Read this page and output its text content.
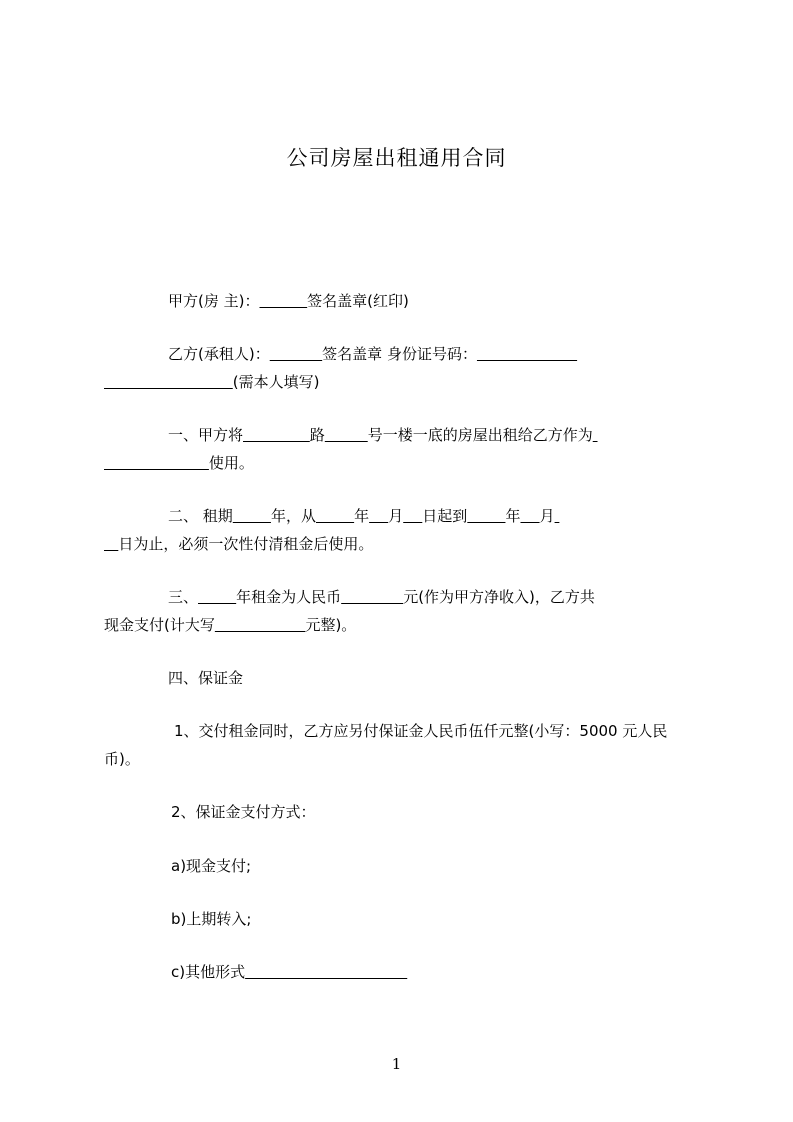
公司房屋出租通用合同
甲方(房 主)：	签名盖章(红印)
乙方(承租人)：	签名盖章 身份证号码：
(需本人填写)
一、甲方将	路	号一楼一底的房屋出租给乙方作为
使用。
二、 租期	年，从	年 月 日起到	年 月
日为止，必须一次性付清租金后使用。
三、	年租金为人民币	元(作为甲方净收入)，乙方共
现金支付(计大写	元整)。
四、保证金
1、交付租金同时，乙方应另付保证金人民币伍仟元整(小写：5000 元人民
币)。
2、保证金支付方式：
a)现金支付;
b)上期转入;
c)其他形式
1
